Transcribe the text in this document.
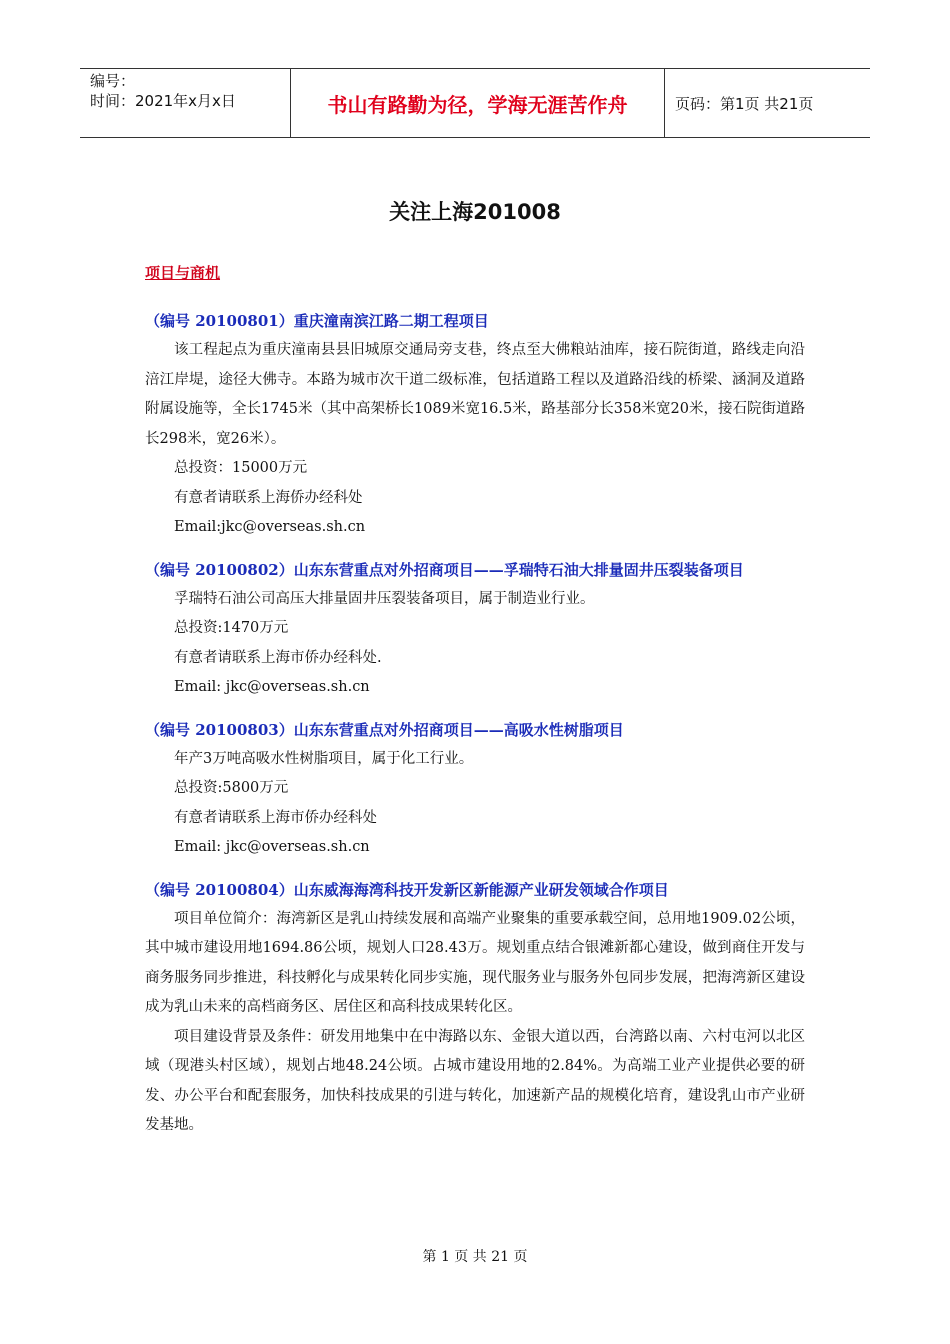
编号：
时间：2021年x月x日	书山有路勤为径，学海无涯苦作舟	页码：第1页 共21页
关注上海201008
项目与商机
（编号 20100801）重庆潼南滨江路二期工程项目

该工程起点为重庆潼南县县旧城原交通局旁支巷，终点至大佛粮站油库，接石院街道，路线走向沿涪江岸堤，途径大佛寺。本路为城市次干道二级标准，包括道路工程以及道路沿线的桥梁、涵洞及道路附属设施等，全长1745米（其中高架桥长1089米宽16.5米，路基部分长358米宽20米，接石院街道路长298米，宽26米）。

总投资：15000万元
有意者请联系上海侨办经科处
Email:jkc@overseas.sh.cn
（编号 20100802）山东东营重点对外招商项目——孚瑞特石油大排量固井压裂装备项目

孚瑞特石油公司高压大排量固井压裂装备项目，属于制造业行业。

总投资:1470万元
有意者请联系上海市侨办经科处.
Email: jkc@overseas.sh.cn
（编号 20100803）山东东营重点对外招商项目——高吸水性树脂项目

年产3万吨高吸水性树脂项目，属于化工行业。

总投资:5800万元
有意者请联系上海市侨办经科处
Email: jkc@overseas.sh.cn
（编号 20100804）山东威海海湾科技开发新区新能源产业研发领域合作项目

项目单位简介：海湾新区是乳山持续发展和高端产业聚集的重要承载空间，总用地1909.02公顷，其中城市建设用地1694.86公顷，规划人口28.43万。规划重点结合银滩新都心建设，做到商住开发与商务服务同步推进，科技孵化与成果转化同步实施，现代服务业与服务外包同步发展，把海湾新区建设成为乳山未来的高档商务区、居住区和高科技成果转化区。

项目建设背景及条件：研发用地集中在中海路以东、金银大道以西，台湾路以南、六村屯河以北区域（现港头村区域），规划占地48.24公顷。占城市建设用地的2.84%。为高端工业产业提供必要的研发、办公平台和配套服务，加快科技成果的引进与转化，加速新产品的规模化培育，建设乳山市产业研发基地。

第 1 页 共 21 页
